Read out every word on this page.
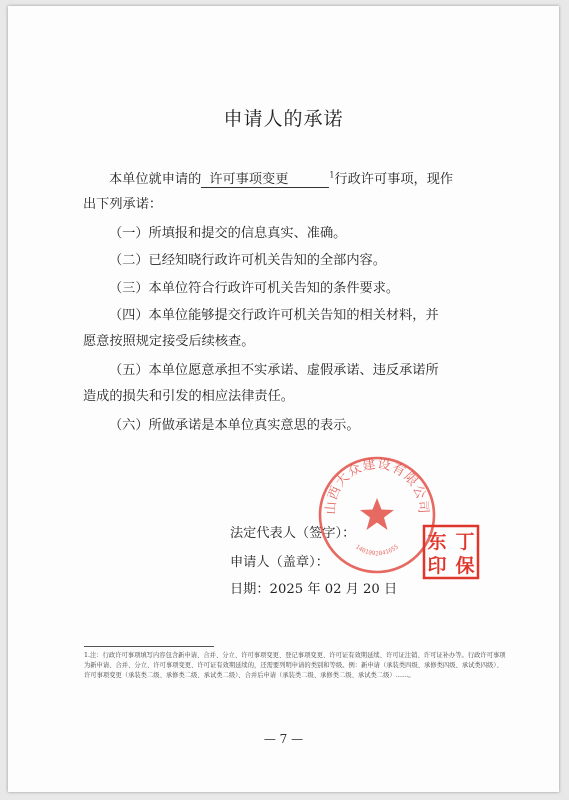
申请人的承诺
本单位就申请的 许可事项变更	$^1$行政许可事项，现作
出下列承诺：
（一）所填报和提交的信息真实、准确。
（二）已经知晓行政许可机关告知的全部内容。
（三）本单位符合行政许可机关告知的条件要求。
（四）本单位能够提交行政许可机关告知的相关材料，并
愿意按照规定接受后续核查。
（五）本单位愿意承担不实承诺、虚假承诺、违反承诺所
造成的损失和引发的相应法律责任。
（六）所做承诺是本单位真实意思的表示。
法定代表人（签字）：
申请人（盖章）：
日期：2025 年 02 月 20 日
山西大众建设有限公司
1401092041655 东 丁
印 保
1.注：行政许可事项填写内容包含新申请、合并、分立、许可事项变更、登记事项变更、许可证有效期延续、许可证注销、许可证补办等。行政许可事项为新申请、合并、分立、许可事项变更、许可证有效期延续的，还需要列明申请的类别和等级。例：新申请（承装类四级、承修类四级、承试类四级）、许可事项变更（承装类二级、承修类二级、承试类二级）、合并后申请（承装类二级、承修类二级、承试类二级）……。
— 7 —
